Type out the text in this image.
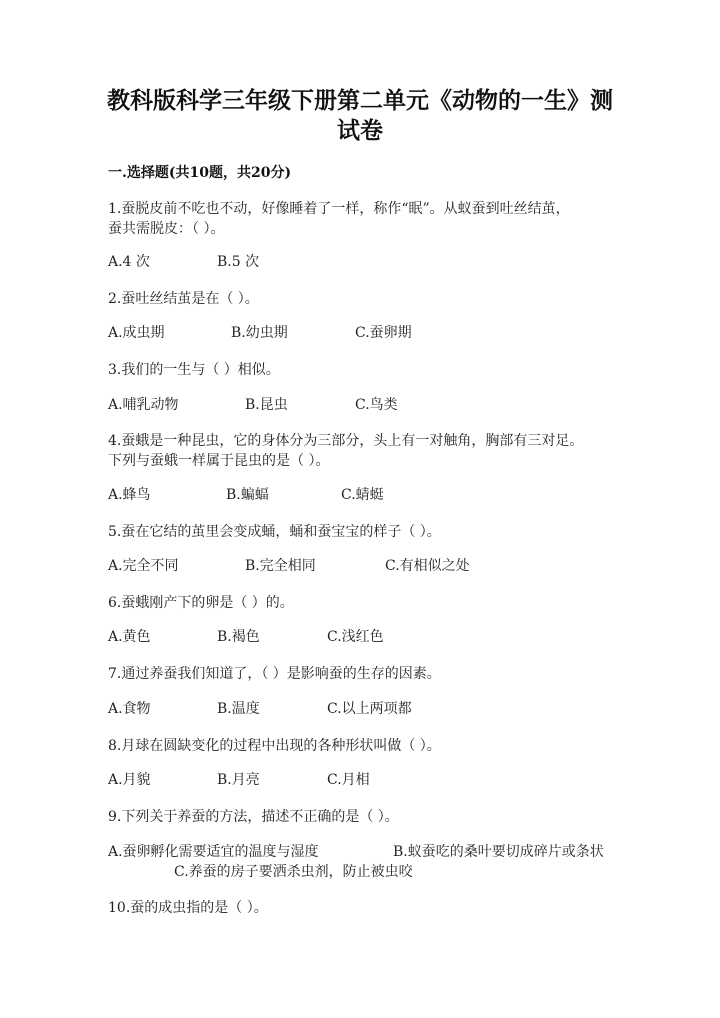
教科版科学三年级下册第二单元《动物的一生》测
试卷
一.选择题(共10题，共20分)
1.蚕脱皮前不吃也不动，好像睡着了一样，称作“眠”。从蚁蚕到吐丝结茧，
蚕共需脱皮：（ ）。
A.4 次	B.5 次
2.蚕吐丝结茧是在（ ）。
A.成虫期	B.幼虫期	C.蚕卵期
3.我们的一生与（ ）相似。
A.哺乳动物	B.昆虫	C.鸟类
4.蚕蛾是一种昆虫，它的身体分为三部分，头上有一对触角，胸部有三对足。
下列与蚕蛾一样属于昆虫的是（ ）。
A.蜂鸟	B.蝙蝠	C.蜻蜓
5.蚕在它结的茧里会变成蛹，蛹和蚕宝宝的样子（ ）。
A.完全不同	B.完全相同	C.有相似之处
6.蚕蛾刚产下的卵是（ ）的。
A.黄色	B.褐色	C.浅红色
7.通过养蚕我们知道了，（ ）是影响蚕的生存的因素。
A.食物	B.温度	C.以上两项都
8.月球在圆缺变化的过程中出现的各种形状叫做（ ）。
A.月貌	B.月亮	C.月相
9.下列关于养蚕的方法，描述不正确的是（ ）。
A.蚕卵孵化需要适宜的温度与湿度	B.蚁蚕吃的桑叶要切成碎片或条状
C.养蚕的房子要洒杀虫剂，防止被虫咬
10.蚕的成虫指的是（ ）。
